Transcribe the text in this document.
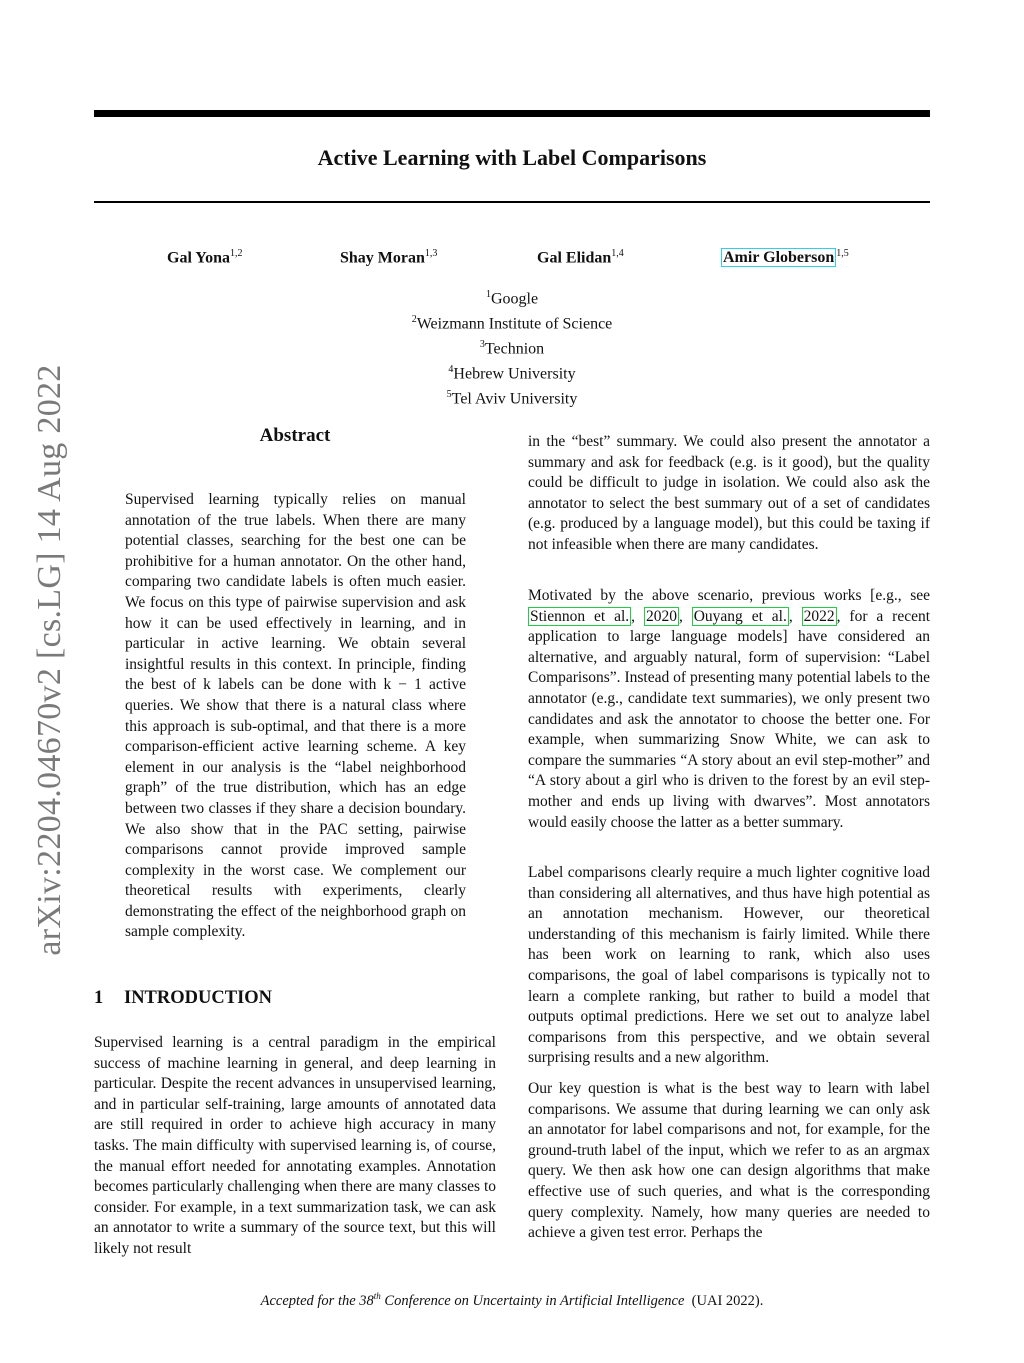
arXiv:2204.04670v2 [cs.LG] 14 Aug 2022
Active Learning with Label Comparisons
Gal Yona$^{1,2}$	Shay Moran$^{1,3}$	Gal Elidan$^{1,4}$	Amir Globerson $^{1,5}$
$^1$Google
$^2$Weizmann Institute of Science
$^3$Technion
$^4$Hebrew University
$^5$Tel Aviv University
Abstract

Supervised learning typically relies on manual annotation of the true labels. When there are many potential classes, searching for the best one can be prohibitive for a human annotator. On the other hand, comparing two candidate labels is often much easier. We focus on this type of pairwise supervision and ask how it can be used effectively in learning, and in particular in active learning. We obtain several insightful results in this context. In principle, finding the best of k labels can be done with k − 1 active queries. We show that there is a natural class where this approach is sub-optimal, and that there is a more comparison-efficient active learning scheme. A key element in our analysis is the “label neighborhood graph” of the true distribution, which has an edge between two classes if they share a decision boundary. We also show that in the PAC setting, pairwise comparisons cannot provide improved sample complexity in the worst case. We complement our theoretical results with experiments, clearly demonstrating the effect of the neighborhood graph on sample complexity.

1 INTRODUCTION

Supervised learning is a central paradigm in the empirical success of machine learning in general, and deep learning in particular. Despite the recent advances in unsupervised learning, and in particular self-training, large amounts of annotated data are still required in order to achieve high accuracy in many tasks. The main difficulty with supervised learning is, of course, the manual effort needed for annotating examples. Annotation becomes particularly challenging when there are many classes to consider. For example, in a text summarization task, we can ask an annotator to write a summary of the source text, but this will likely not result

in the “best” summary. We could also present the annotator a summary and ask for feedback (e.g. is it good), but the quality could be difficult to judge in isolation. We could also ask the annotator to select the best summary out of a set of candidates (e.g. produced by a language model), but this could be taxing if not infeasible when there are many candidates.

Motivated by the above scenario, previous works [e.g., see Stiennon et al. , 2020 , Ouyang et al. , 2022 , for a recent application to large language models] have considered an alternative, and arguably natural, form of supervision: “Label Comparisons”. Instead of presenting many potential labels to the annotator (e.g., candidate text summaries), we only present two candidates and ask the annotator to choose the better one. For example, when summarizing Snow White, we can ask to compare the summaries “A story about an evil step-mother” and “A story about a girl who is driven to the forest by an evil step-mother and ends up living with dwarves”. Most annotators would easily choose the latter as a better summary.

Label comparisons clearly require a much lighter cognitive load than considering all alternatives, and thus have high potential as an annotation mechanism. However, our theoretical understanding of this mechanism is fairly limited. While there has been work on learning to rank, which also uses comparisons, the goal of label comparisons is typically not to learn a complete ranking, but rather to build a model that outputs optimal predictions. Here we set out to analyze label comparisons from this perspective, and we obtain several surprising results and a new algorithm.

Our key question is what is the best way to learn with label comparisons. We assume that during learning we can only ask an annotator for label comparisons and not, for example, for the ground-truth label of the input, which we refer to as an argmax query. We then ask how one can design algorithms that make effective use of such queries, and what is the corresponding query complexity. Namely, how many queries are needed to achieve a given test error. Perhaps the

Accepted for the 38th Conference on Uncertainty in Artificial Intelligence (UAI 2022).
